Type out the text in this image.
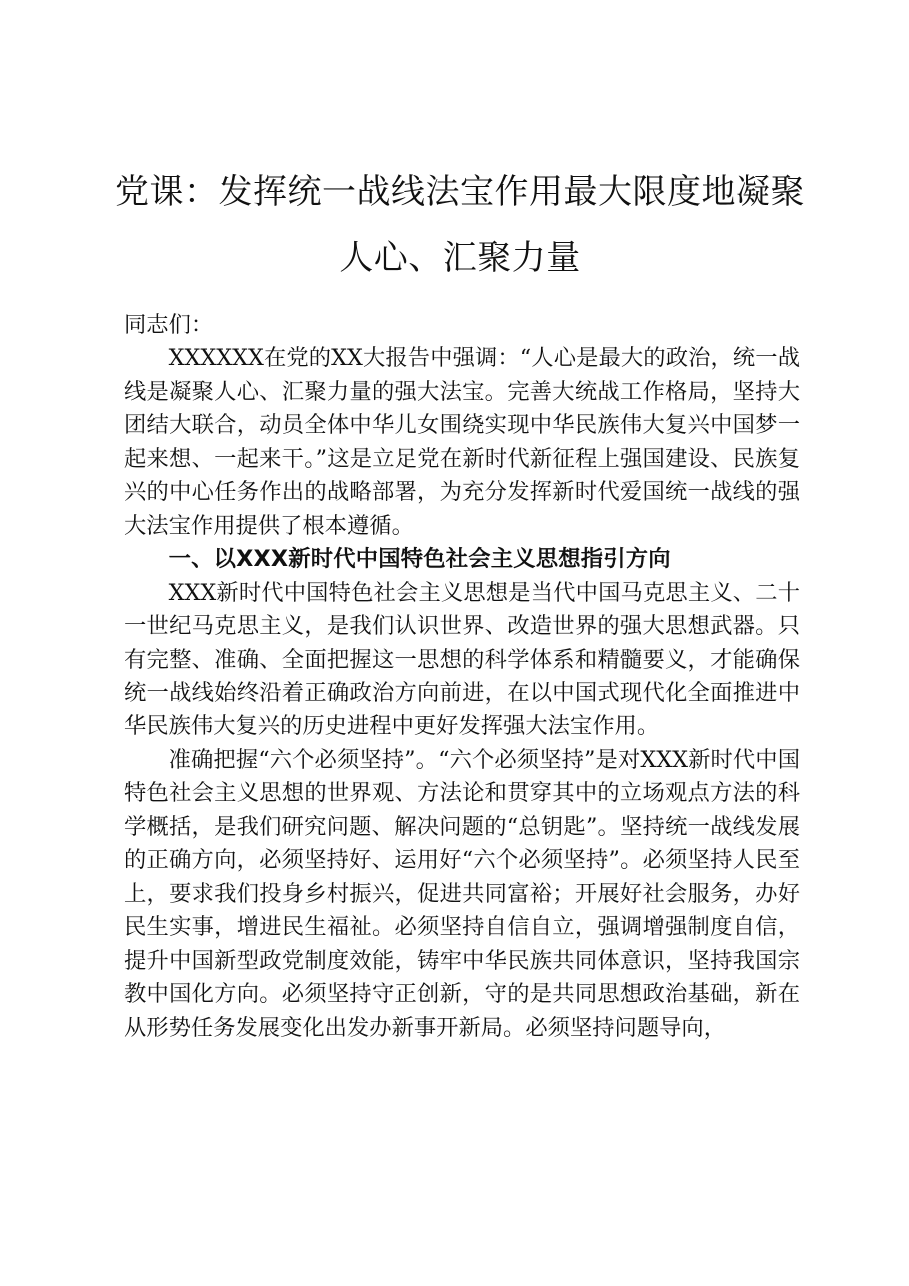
党课：发挥统一战线法宝作用最大限度地凝聚
人心、汇聚力量

同志们：

XXXXXX在党的XX大报告中强调：“人心是最大的政治，统一战线是凝聚人心、汇聚力量的强大法宝。完善大统战工作格局，坚持大团结大联合，动员全体中华儿女围绕实现中华民族伟大复兴中国梦一起来想、一起来干。”这是立足党在新时代新征程上强国建设、民族复兴的中心任务作出的战略部署，为充分发挥新时代爱国统一战线的强大法宝作用提供了根本遵循。

一、以XXX新时代中国特色社会主义思想指引方向

XXX新时代中国特色社会主义思想是当代中国马克思主义、二十一世纪马克思主义，是我们认识世界、改造世界的强大思想武器。只有完整、准确、全面把握这一思想的科学体系和精髓要义，才能确保统一战线始终沿着正确政治方向前进，在以中国式现代化全面推进中华民族伟大复兴的历史进程中更好发挥强大法宝作用。

准确把握“六个必须坚持”。“六个必须坚持”是对XXX新时代中国特色社会主义思想的世界观、方法论和贯穿其中的立场观点方法的科学概括，是我们研究问题、解决问题的“总钥匙”。坚持统一战线发展的正确方向，必须坚持好、运用好“六个必须坚持”。必须坚持人民至上，要求我们投身乡村振兴，促进共同富裕；开展好社会服务，办好民生实事，增进民生福祉。必须坚持自信自立，强调增强制度自信，提升中国新型政党制度效能，铸牢中华民族共同体意识，坚持我国宗教中国化方向。必须坚持守正创新，守的是共同思想政治基础，新在从形势任务发展变化出发办新事开新局。必须坚持问题导向，
